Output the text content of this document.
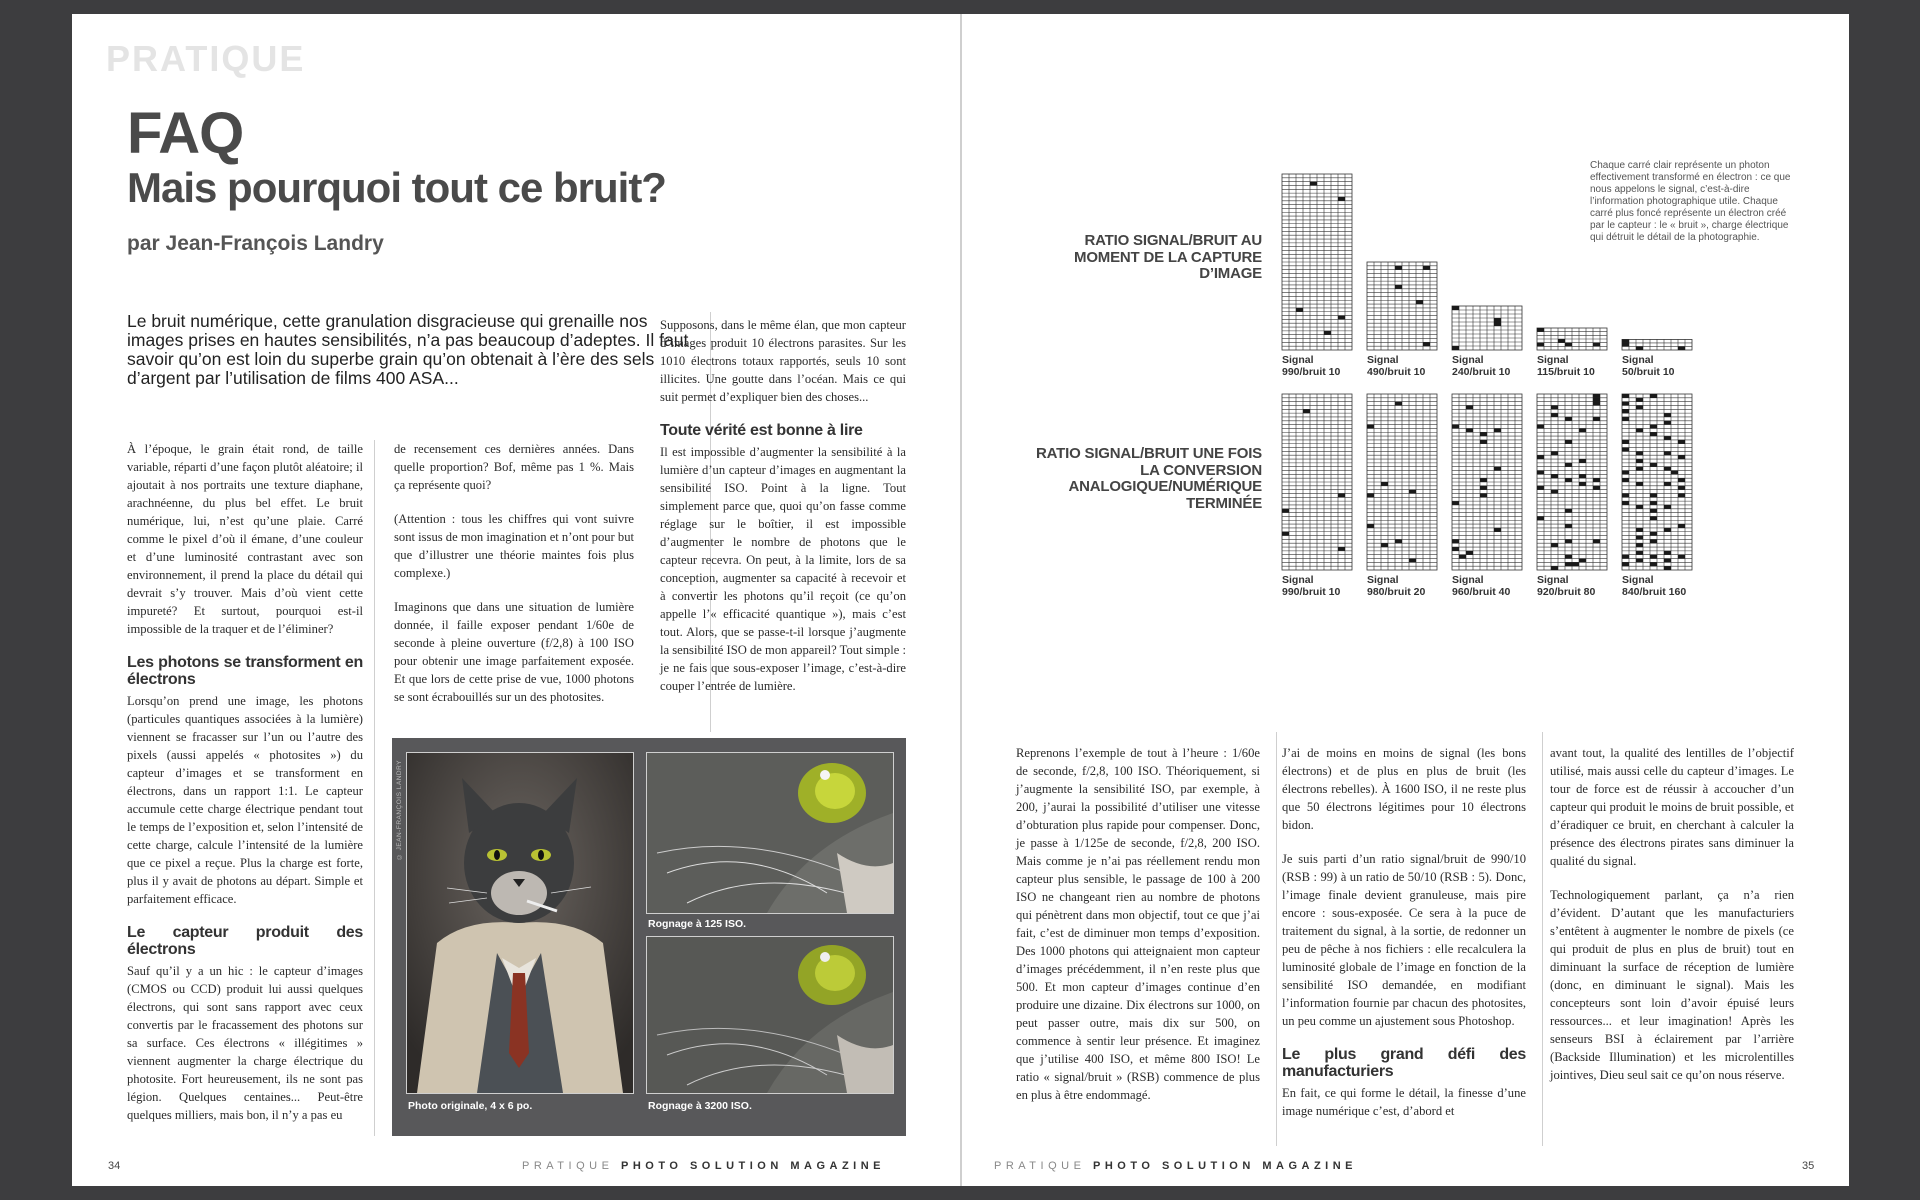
PRATIQUE
FAQ
Mais pourquoi tout ce bruit?
par Jean-François Landry
Le bruit numérique, cette granulation disgracieuse qui grenaille nos images prises en hautes sensibilités, n’a pas beaucoup d’adeptes. Il faut savoir qu’on est loin du superbe grain qu’on obtenait à l’ère des sels d’argent par l’utilisation de films 400 ASA...

À l’époque, le grain était rond, de taille variable, réparti d’une façon plutôt aléatoire; il ajoutait à nos portraits une texture diaphane, arachnéenne, du plus bel effet. Le bruit numérique, lui, n’est qu’une plaie. Carré comme le pixel d’où il émane, d’une couleur et d’une luminosité contrastant avec son environnement, il prend la place du détail qui devrait s’y trouver. Mais d’où vient cette impureté? Et surtout, pourquoi est-il impossible de la traquer et de l’éliminer?

Les photons se transforment en électrons

Lorsqu’on prend une image, les photons (particules quantiques associées à la lumière) viennent se fracasser sur l’un ou l’autre des pixels (aussi appelés « photosites ») du capteur d’images et se transforment en électrons, dans un rapport 1:1. Le capteur accumule cette charge électrique pendant tout le temps de l’exposition et, selon l’intensité de cette charge, calcule l’intensité de la lumière que ce pixel a reçue. Plus la charge est forte, plus il y avait de photons au départ. Simple et parfaitement efficace.

Le capteur produit des électrons

Sauf qu’il y a un hic : le capteur d’images (CMOS ou CCD) produit lui aussi quelques électrons, qui sont sans rapport avec ceux convertis par le fracassement des photons sur sa surface. Ces électrons « illégitimes » viennent augmenter la charge électrique du photosite. Fort heureusement, ils ne sont pas légion. Quelques centaines... Peut-être quelques milliers, mais bon, il n’y a pas eu

de recensement ces dernières années. Dans quelle proportion? Bof, même pas 1 %. Mais ça représente quoi?

(Attention : tous les chiffres qui vont suivre sont issus de mon imagination et n’ont pour but que d’illustrer une théorie maintes fois plus complexe.)

Imaginons que dans une situation de lumière donnée, il faille exposer pendant 1/60e de seconde à pleine ouverture (f/2,8) à 100 ISO pour obtenir une image parfaitement exposée. Et que lors de cette prise de vue, 1000 photons se sont écrabouillés sur un des photosites.

Supposons, dans le même élan, que mon capteur d’images produit 10 électrons parasites. Sur les 1010 électrons totaux rapportés, seuls 10 sont illicites. Une goutte dans l’océan. Mais ce qui suit permet d’expliquer bien des choses...

Toute vérité est bonne à lire

Il est impossible d’augmenter la sensibilité à la lumière d’un capteur d’images en augmentant la sensibilité ISO. Point à la ligne. Tout simplement parce que, quoi qu’on fasse comme réglage sur le boîtier, il est impossible d’augmenter le nombre de photons que le capteur recevra. On peut, à la limite, lors de sa conception, augmenter sa capacité à recevoir et à convertir les photons qu’il reçoit (ce qu’on appelle l’« efficacité quantique »), mais c’est tout. Alors, que se passe-t-il lorsque j’augmente la sensibilité ISO de mon appareil? Tout simple : je ne fais que sous-exposer l’image, c’est-à-dire couper l’entrée de lumière.

© JEAN-FRANÇOIS LANDRY
Photo originale, 4 x 6 po.
Rognage à 125 ISO.
Rognage à 3200 ISO.
34	PRATIQUE PHOTO SOLUTION MAGAZINE
RATIO SIGNAL/BRUIT AU MOMENT DE LA CAPTURE D’IMAGE
RATIO SIGNAL/BRUIT UNE FOIS LA CONVERSION ANALOGIQUE/NUMÉRIQUE TERMINÉE
Signal
990/bruit 10
Signal
490/bruit 10
Signal
240/bruit 10
Signal
115/bruit 10
Signal
50/bruit 10
Signal
990/bruit 10
Signal
980/bruit 20
Signal
960/bruit 40
Signal
920/bruit 80
Signal
840/bruit 160
Chaque carré clair représente un photon effectivement transformé en électron : ce que nous appelons le signal, c’est-à-dire l’information photographique utile. Chaque carré plus foncé représente un électron créé par le capteur : le « bruit », charge électrique qui détruit le détail de la photographie.

Reprenons l’exemple de tout à l’heure : 1/60e de seconde, f/2,8, 100 ISO. Théoriquement, si j’augmente la sensibilité ISO, par exemple, à 200, j’aurai la possibilité d’utiliser une vitesse d’obturation plus rapide pour compenser. Donc, je passe à 1/125e de seconde, f/2,8, 200 ISO. Mais comme je n’ai pas réellement rendu mon capteur plus sensible, le passage de 100 à 200 ISO ne changeant rien au nombre de photons qui pénètrent dans mon objectif, tout ce que j’ai fait, c’est de diminuer mon temps d’exposition. Des 1000 photons qui atteignaient mon capteur d’images précédemment, il n’en reste plus que 500. Et mon capteur d’images continue d’en produire une dizaine. Dix électrons sur 1000, on peut passer outre, mais dix sur 500, on commence à sentir leur présence. Et imaginez que j’utilise 400 ISO, et même 800 ISO! Le ratio « signal/bruit » (RSB) commence de plus en plus à être endommagé.

J’ai de moins en moins de signal (les bons électrons) et de plus en plus de bruit (les électrons rebelles). À 1600 ISO, il ne reste plus que 50 électrons légitimes pour 10 électrons bidon.

Je suis parti d’un ratio signal/bruit de 990/10 (RSB : 99) à un ratio de 50/10 (RSB : 5). Donc, l’image finale devient granuleuse, mais pire encore : sous-exposée. Ce sera à la puce de traitement du signal, à la sortie, de redonner un peu de pêche à nos fichiers : elle recalculera la luminosité globale de l’image en fonction de la sensibilité ISO demandée, en modifiant l’information fournie par chacun des photosites, un peu comme un ajustement sous Photoshop.

Le plus grand défi des manufacturiers

En fait, ce qui forme le détail, la finesse d’une image numérique c’est, d’abord et

avant tout, la qualité des lentilles de l’objectif utilisé, mais aussi celle du capteur d’images. Le tour de force est de réussir à accoucher d’un capteur qui produit le moins de bruit possible, et d’éradiquer ce bruit, en cherchant à calculer la présence des électrons pirates sans diminuer la qualité du signal.

Technologiquement parlant, ça n’a rien d’évident. D’autant que les manufacturiers s’entêtent à augmenter le nombre de pixels (ce qui produit de plus en plus de bruit) tout en diminuant la surface de réception de lumière (donc, en diminuant le signal). Mais les concepteurs sont loin d’avoir épuisé leurs ressources... et leur imagination! Après les senseurs BSI à éclairement par l’arrière (Backside Illumination) et les microlentilles jointives, Dieu seul sait ce qu’on nous réserve.

PRATIQUE PHOTO SOLUTION MAGAZINE	35
